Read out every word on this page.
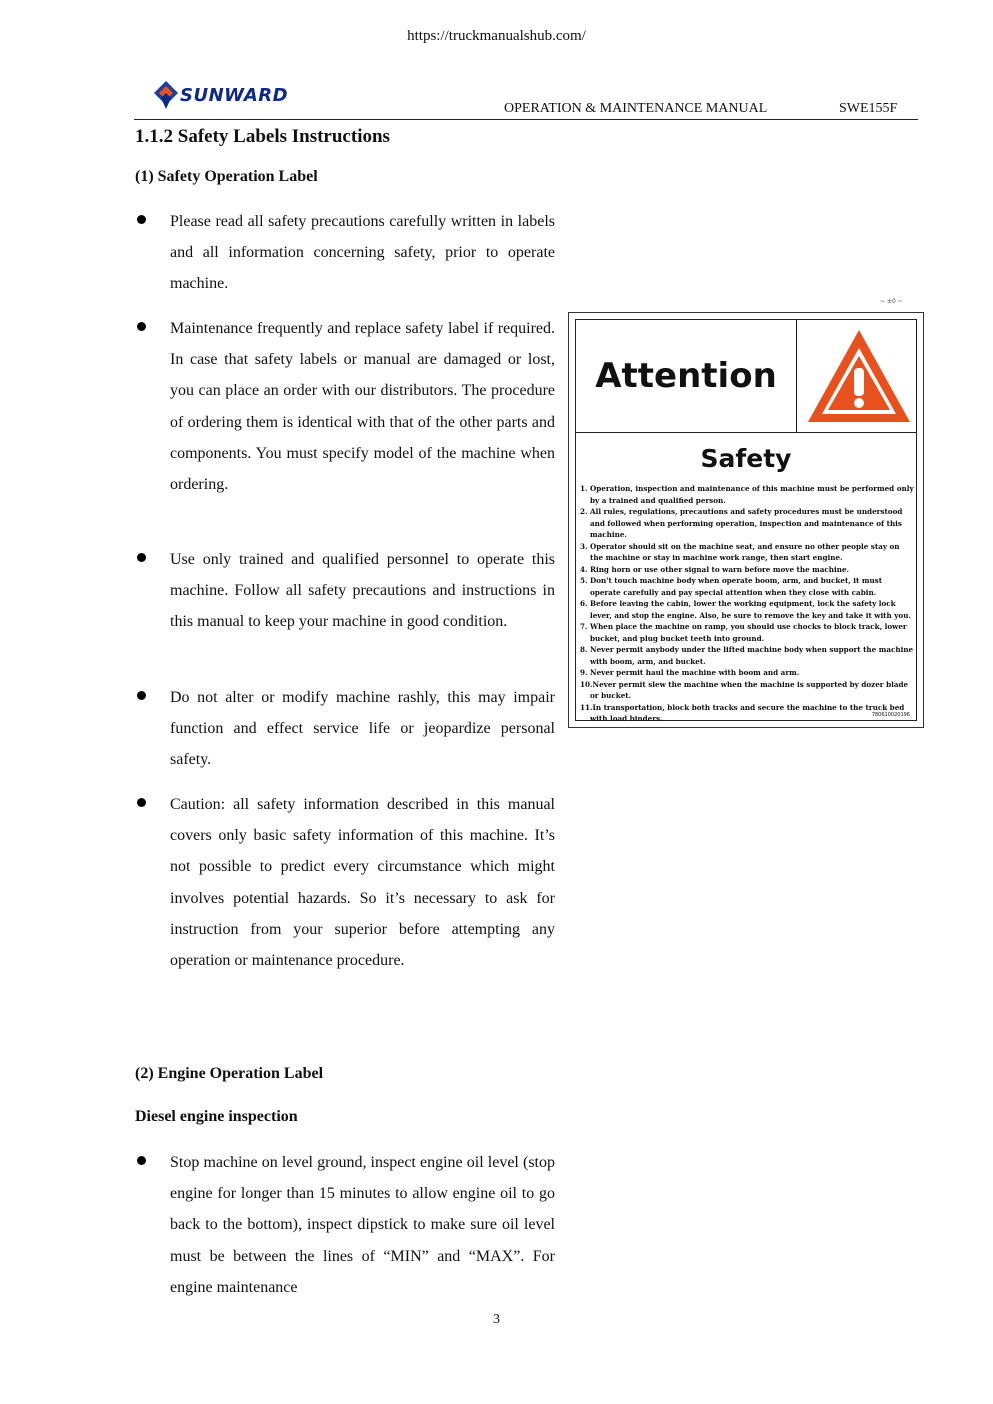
https://truckmanualshub.com/
SUNWARD
OPERATION & MAINTENANCE MANUAL	SWE155F
1.1.2 Safety Labels Instructions
(1) Safety Operation Label
Please read all safety precautions carefully written in labels and all information concerning safety, prior to operate machine.
Maintenance frequently and replace safety label if required. In case that safety labels or manual are damaged or lost, you can place an order with our distributors. The procedure of ordering them is identical with that of the other parts and components. You must specify model of the machine when ordering.
Use only trained and qualified personnel to operate this machine. Follow all safety precautions and instructions in this manual to keep your machine in good condition.
Do not alter or modify machine rashly, this may impair function and effect service life or jeopardize personal safety.
Caution: all safety information described in this manual covers only basic safety information of this machine. It’s not possible to predict every circumstance which might involves potential hazards. So it’s necessary to ask for instruction from your superior before attempting any operation or maintenance procedure.
(2) Engine Operation Label
Diesel engine inspection
Stop machine on level ground, inspect engine oil level (stop engine for longer than 15 minutes to allow engine oil to go back to the bottom), inspect dipstick to make sure oil level must be between the lines of “MIN” and “MAX”. For engine maintenance
~ ±0 ~
Attention
Safety
1. Operation, inspection and maintenance of this machine must be performed only by a trained and qualified person.
2. All rules, regulations, precautions and safety procedures must be understood and followed when performing operation, inspection and maintenance of this machine.
3. Operator should sit on the machine seat, and ensure no other people stay on the machine or stay in machine work range, then start engine.
4. Ring horn or use other signal to warn before move the machine.
5. Don't touch machine body when operate boom, arm, and bucket, it must operate carefully and pay special attention when they close with cabin.
6. Before leaving the cabin, lower the working equipment, lock the safety lock lever, and stop the engine. Also, be sure to remove the key and take it with you.
7. When place the machine on ramp, you should use chocks to block track, lower bucket, and plug bucket teeth into ground.
8. Never permit anybody under the lifted machine body when support the machine with boom, arm, and bucket.
9. Never permit haul the machine with boom and arm.
10.Never permit slew the machine when the machine is supported by dozer blade or bucket.
11.In transportation, block both tracks and secure the machine to the truck bed with load binders.	780610020196
3
